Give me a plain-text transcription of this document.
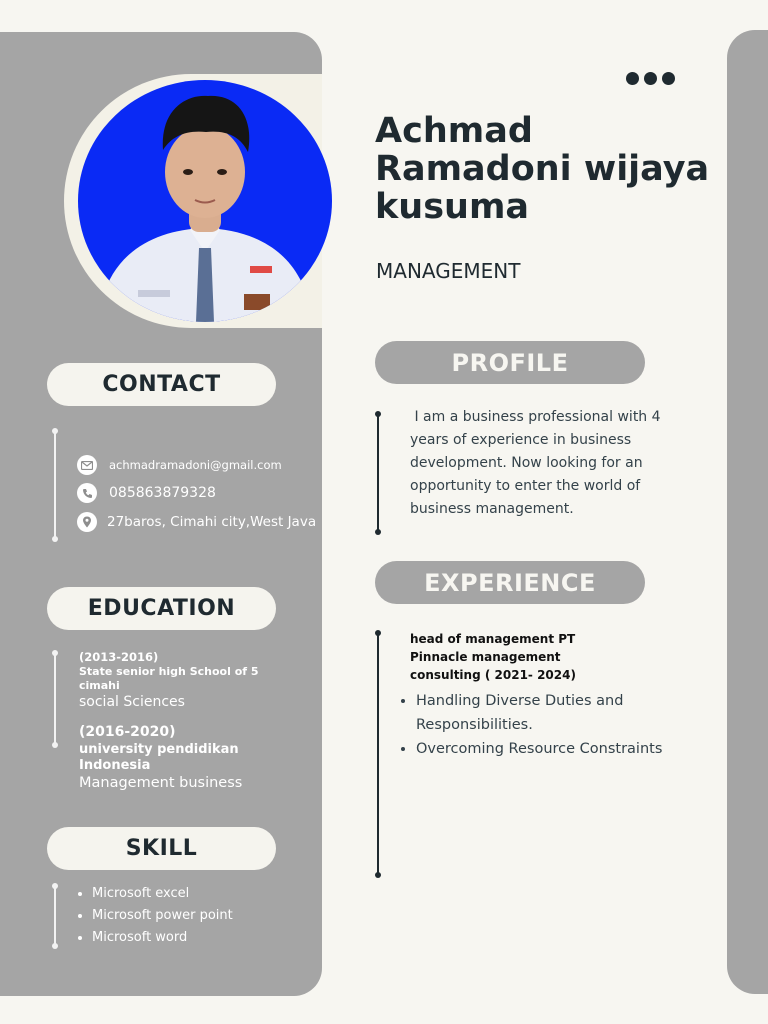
Achmad Ramadoni wijaya kusuma
MANAGEMENT
CONTACT
achmadramadoni@gmail.com
085863879328
27baros, Cimahi city,West Java
EDUCATION
(2013-2016)
State senior high School of 5 cimahi
social Sciences
(2016-2020)
university pendidikan Indonesia
Management business
SKILL
• Microsoft excel
• Microsoft power point
• Microsoft word
PROFILE
I am a business professional with 4 years of experience in business development. Now looking for an opportunity to enter the world of business management.
EXPERIENCE
head of management PT Pinnacle management consulting ( 2021- 2024)
• Handling Diverse Duties and Responsibilities.
• Overcoming Resource Constraints
